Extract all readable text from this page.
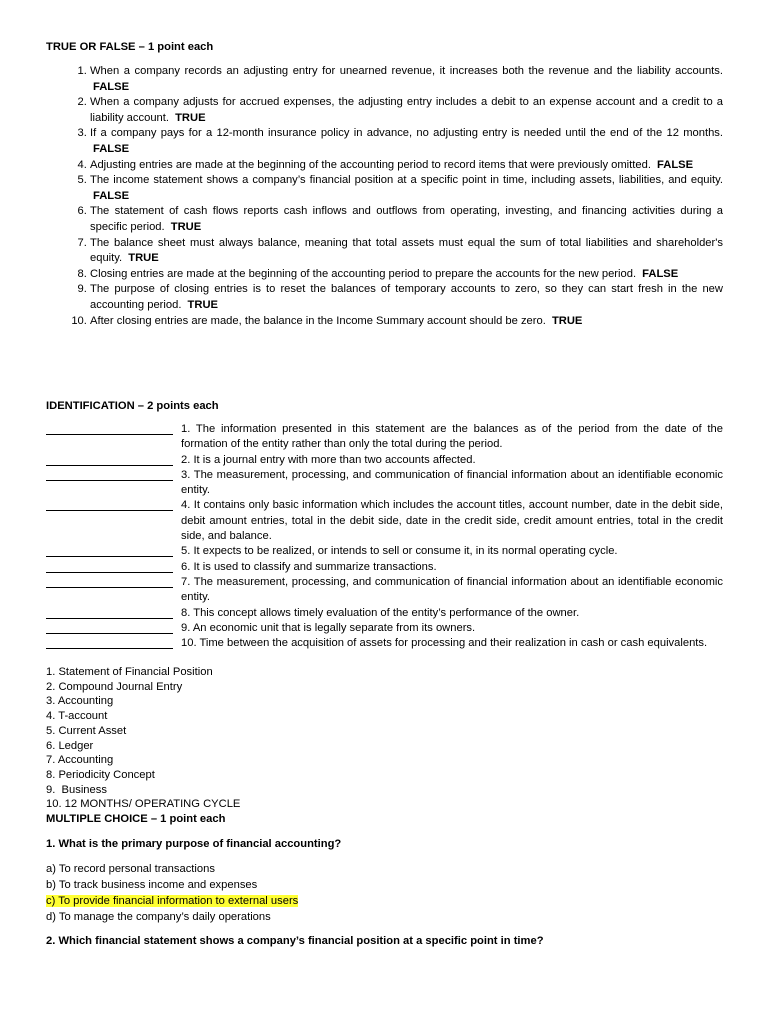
TRUE OR FALSE – 1 point each

1. When a company records an adjusting entry for unearned revenue, it increases both the revenue and the liability accounts. FALSE
2. When a company adjusts for accrued expenses, the adjusting entry includes a debit to an expense account and a credit to a liability account. TRUE
3. If a company pays for a 12-month insurance policy in advance, no adjusting entry is needed until the end of the 12 months. FALSE
4. Adjusting entries are made at the beginning of the accounting period to record items that were previously omitted. FALSE
5. The income statement shows a company’s financial position at a specific point in time, including assets, liabilities, and equity. FALSE
6. The statement of cash flows reports cash inflows and outflows from operating, investing, and financing activities during a specific period. TRUE
7. The balance sheet must always balance, meaning that total assets must equal the sum of total liabilities and shareholder's equity. TRUE
8. Closing entries are made at the beginning of the accounting period to prepare the accounts for the new period. FALSE
9. The purpose of closing entries is to reset the balances of temporary accounts to zero, so they can start fresh in the new accounting period. TRUE
10. After closing entries are made, the balance in the Income Summary account should be zero. TRUE

IDENTIFICATION – 2 points each

1. The information presented in this statement are the balances as of the period from the date of the formation of the entity rather than only the total during the period.
2. It is a journal entry with more than two accounts affected.
3. The measurement, processing, and communication of financial information about an identifiable economic entity.
4. It contains only basic information which includes the account titles, account number, date in the debit side, debit amount entries, total in the debit side, date in the credit side, credit amount entries, total in the credit side, and balance.
5. It expects to be realized, or intends to sell or consume it, in its normal operating cycle.
6. It is used to classify and summarize transactions.
7. The measurement, processing, and communication of financial information about an identifiable economic entity.
8. This concept allows timely evaluation of the entity’s performance of the owner.
9. An economic unit that is legally separate from its owners.
10. Time between the acquisition of assets for processing and their realization in cash or cash equivalents.
1. Statement of Financial Position
2. Compound Journal Entry
3. Accounting
4. T-account
5. Current Asset
6. Ledger
7. Accounting
8. Periodicity Concept
9.  Business
10. 12 MONTHS/ OPERATING CYCLE

MULTIPLE CHOICE – 1 point each

1. What is the primary purpose of financial accounting?

a) To record personal transactions
b) To track business income and expenses
c) To provide financial information to external users
d) To manage the company’s daily operations

2. Which financial statement shows a company’s financial position at a specific point in time?
